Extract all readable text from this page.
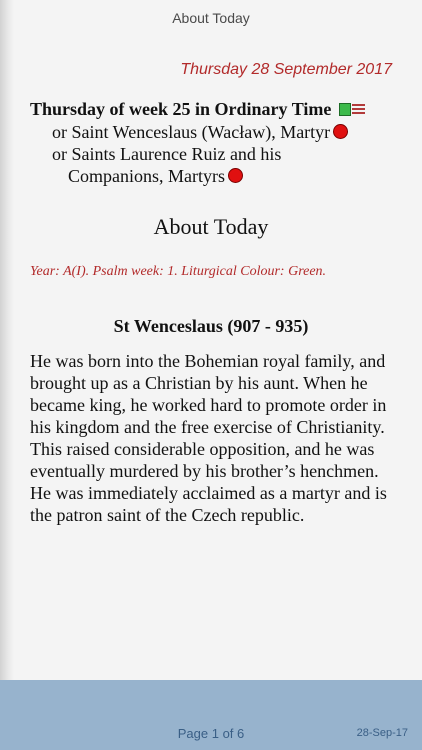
About Today
Thursday 28 September 2017
Thursday of week 25 in Ordinary Time
or Saint Wenceslaus (Wacław), Martyr
or Saints Laurence Ruiz and his
Companions, Martyrs
About Today
Year: A(I). Psalm week: 1. Liturgical Colour: Green.
St Wenceslaus (907 - 935)
He was born into the Bohemian royal family, and brought up as a Christian by his aunt. When he became king, he worked hard to promote order in his kingdom and the free exercise of Christianity. This raised considerable opposition, and he was eventually murdered by his brother’s henchmen. He was immediately acclaimed as a martyr and is the patron saint of the Czech republic.
Page 1 of 6	28-Sep-17
